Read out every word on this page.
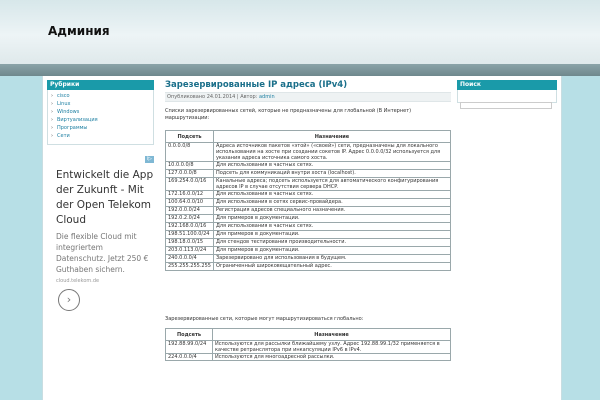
Админия
Рубрики
› cisco
› Linux
› Windows
› Виртуализация
› Программы
› Сети
i▷
Entwickelt die App der Zukunft - Mit der Open Telekom Cloud
Die flexible Cloud mit integriertem Datenschutz. Jetzt 250 € Guthaben sichern.
cloud.telekom.de
›
Зарезервированные IP адреса (IPv4)
Опубликовано 24.01.2014 | Автор: admin
Списки зарезервированных сетей, которые не предназначены для глобальной (В Интернет) маршрутизации:
Подсеть	Назначение
0.0.0.0/8	Адреса источников пакетов «этой» («своей») сети, предназначены для локального использования на хосте при создании сокетов IP. Адрес 0.0.0.0/32 используется для указания адреса источника самого хоста.
10.0.0.0/8	Для использования в частных сетях.
127.0.0.0/8	Подсеть для коммуникаций внутри хоста (localhost).
169.254.0.0/16	Канальные адреса; подсеть используется для автоматического конфигурирования адресов IP в случае отсутствия сервера DHCP.
172.16.0.0/12	Для использования в частных сетях.
100.64.0.0/10	Для использования в сетях сервис-провайдера.
192.0.0.0/24	Регистрация адресов специального назначения.
192.0.2.0/24	Для примеров в документации.
192.168.0.0/16	Для использования в частных сетях.
198.51.100.0/24	Для примеров в документации.
198.18.0.0/15	Для стендов тестирования производительности.
203.0.113.0/24	Для примеров в документации.
240.0.0.0/4	Зарезервировано для использования в будущем.
255.255.255.255	Ограниченный широковещательный адрес.
Зарезервированные сети, которые могут маршрутизироваться глобально:
Подсеть	Назначение
192.88.99.0/24	Используются для рассылки ближайшему узлу. Адрес 192.88.99.1/32 применяется в качестве ретранслятора при инкапсуляции IPv6 в IPv4.
224.0.0.0/4	Используются для многоадресной рассылки.
Поиск
